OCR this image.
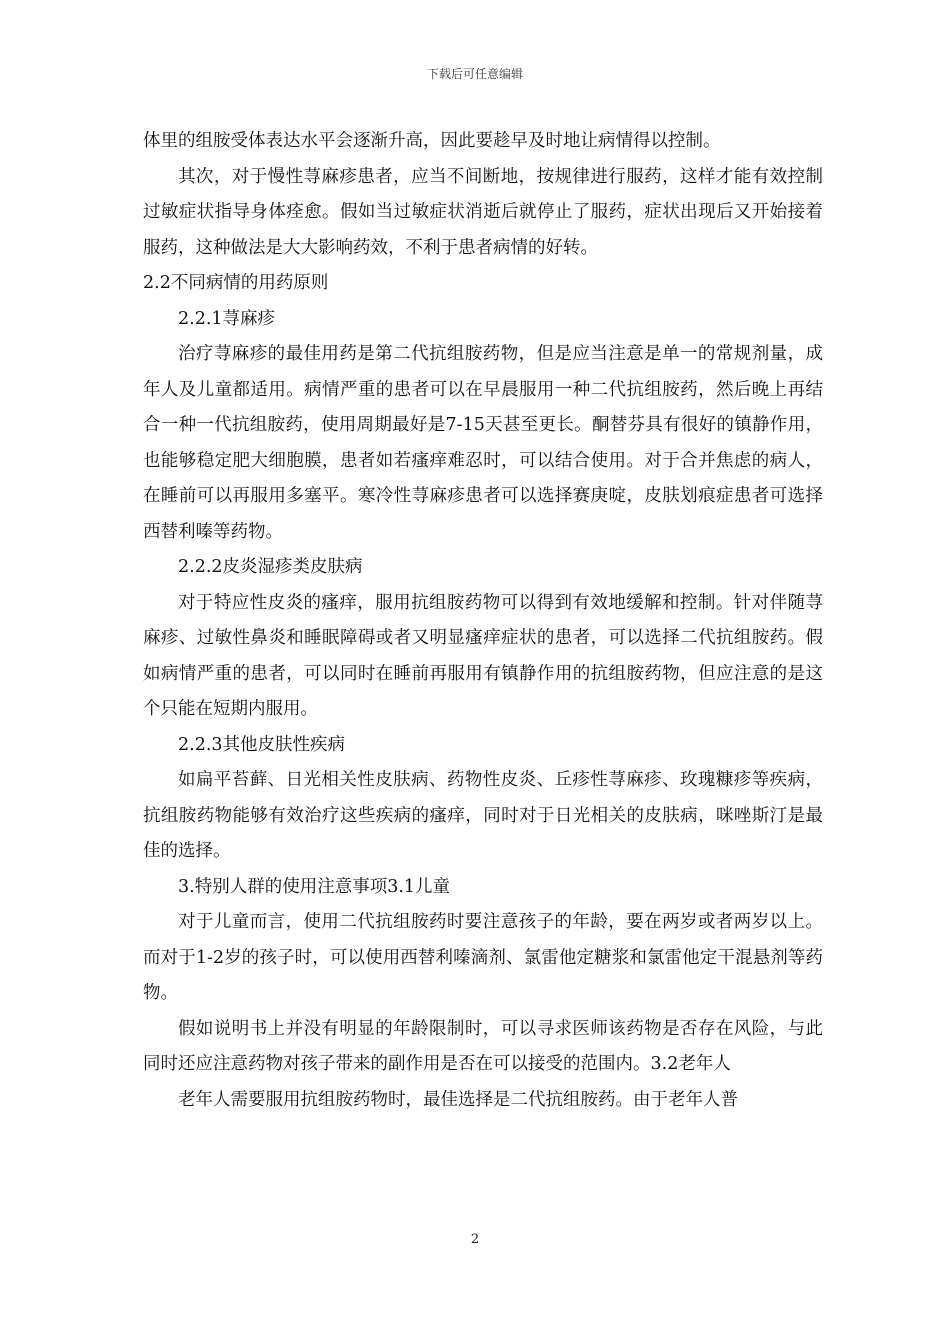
下载后可任意编辑

体里的组胺受体表达水平会逐渐升高，因此要趁早及时地让病情得以控制。

其次，对于慢性荨麻疹患者，应当不间断地，按规律进行服药，这样才能有效控制过敏症状指导身体痊愈。假如当过敏症状消逝后就停止了服药，症状出现后又开始接着服药，这种做法是大大影响药效，不利于患者病情的好转。

2.2不同病情的用药原则

2.2.1荨麻疹

治疗荨麻疹的最佳用药是第二代抗组胺药物，但是应当注意是单一的常规剂量，成年人及儿童都适用。病情严重的患者可以在早晨服用一种二代抗组胺药，然后晚上再结合一种一代抗组胺药，使用周期最好是7-15天甚至更长。酮替芬具有很好的镇静作用，也能够稳定肥大细胞膜，患者如若瘙痒难忍时，可以结合使用。对于合并焦虑的病人，在睡前可以再服用多塞平。寒冷性荨麻疹患者可以选择赛庚啶，皮肤划痕症患者可选择西替利嗪等药物。

2.2.2皮炎湿疹类皮肤病

对于特应性皮炎的瘙痒，服用抗组胺药物可以得到有效地缓解和控制。针对伴随荨麻疹、过敏性鼻炎和睡眠障碍或者又明显瘙痒症状的患者，可以选择二代抗组胺药。假如病情严重的患者，可以同时在睡前再服用有镇静作用的抗组胺药物，但应注意的是这个只能在短期内服用。

2.2.3其他皮肤性疾病

如扁平苔藓、日光相关性皮肤病、药物性皮炎、丘疹性荨麻疹、玫瑰糠疹等疾病，抗组胺药物能够有效治疗这些疾病的瘙痒，同时对于日光相关的皮肤病，咪唑斯汀是最佳的选择。

3.特别人群的使用注意事项3.1儿童

对于儿童而言，使用二代抗组胺药时要注意孩子的年龄，要在两岁或者两岁以上。而对于1-2岁的孩子时，可以使用西替利嗪滴剂、氯雷他定糖浆和氯雷他定干混悬剂等药物。

假如说明书上并没有明显的年龄限制时，可以寻求医师该药物是否存在风险，与此同时还应注意药物对孩子带来的副作用是否在可以接受的范围内。3.2老年人

老年人需要服用抗组胺药物时，最佳选择是二代抗组胺药。由于老年人普

2
